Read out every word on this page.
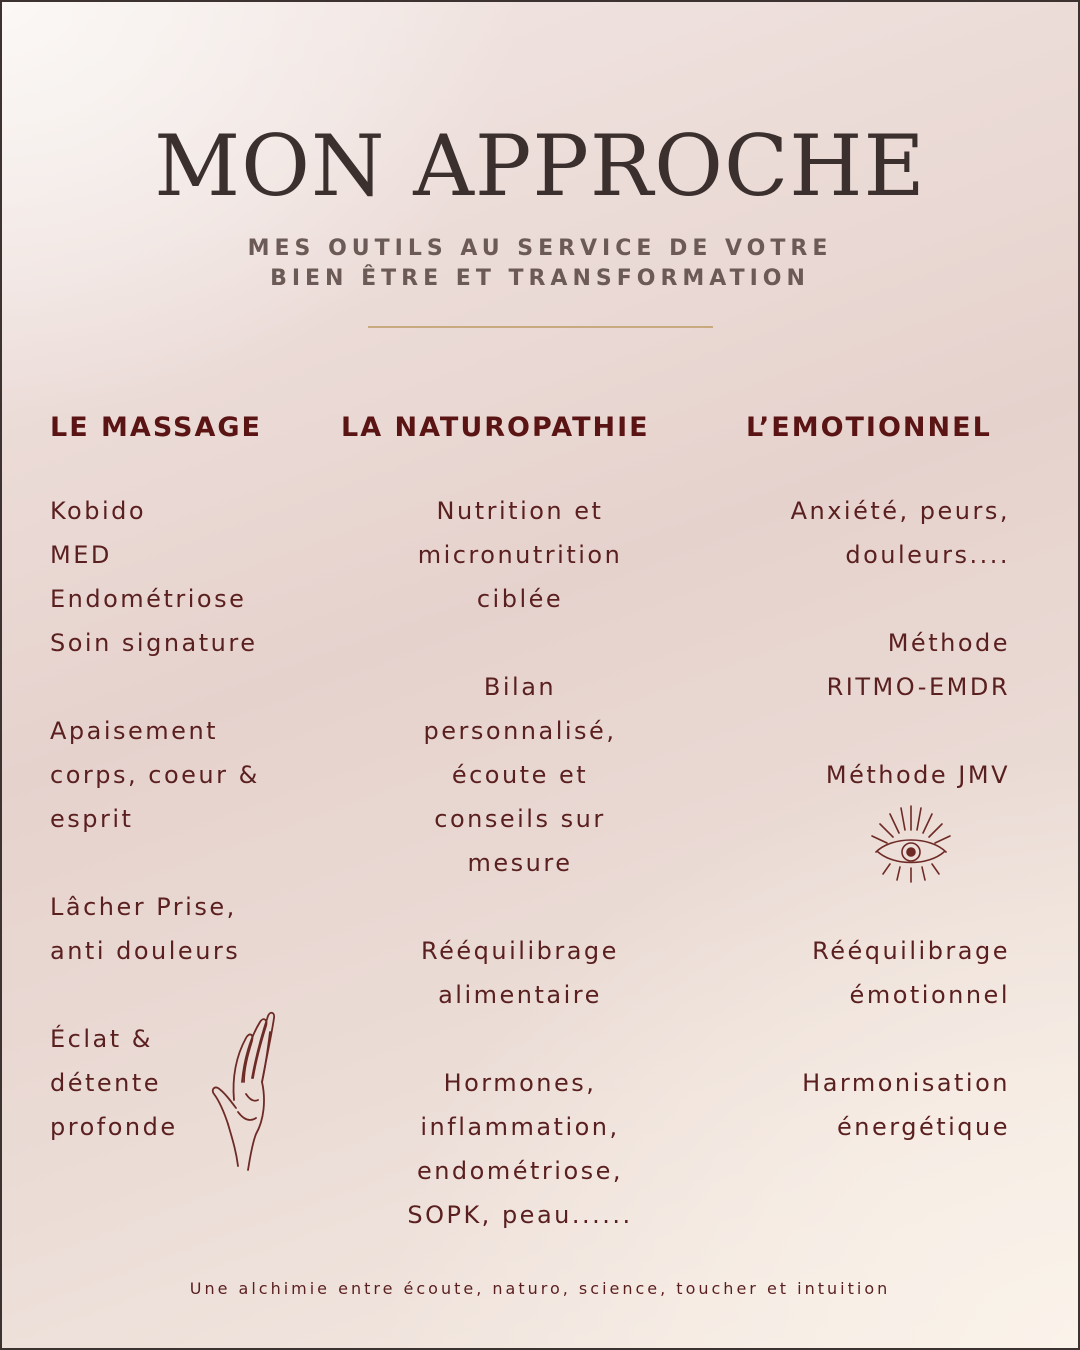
MON APPROCHE
MES OUTILS AU SERVICE DE VOTRE
BIEN ÊTRE ET TRANSFORMATION
LE MASSAGE	LA NATUROPATHIE	L’EMOTIONNEL
Kobido
MED
Endométriose
Soin signature
Apaisement
corps, coeur &
esprit
Lâcher Prise,
anti douleurs
Éclat &
détente
profonde
Nutrition et
micronutrition
ciblée
Bilan
personnalisé,
écoute et
conseils sur
mesure
Rééquilibrage
alimentaire
Hormones,
inflammation,
endométriose,
SOPK, peau......
Anxiété, peurs,
douleurs....
Méthode
RITMO-EMDR
Méthode JMV
Rééquilibrage
émotionnel
Harmonisation
énergétique
Une alchimie entre écoute, naturo, science, toucher et intuition
